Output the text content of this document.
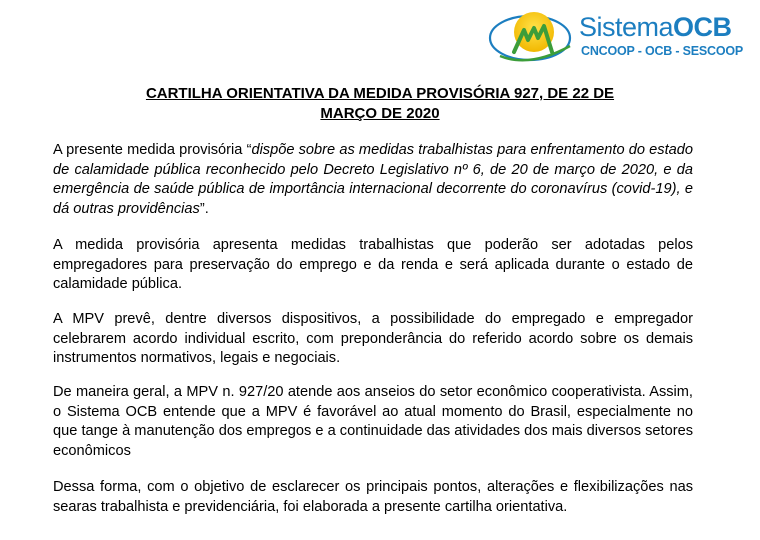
SistemaOCB
CNCOOP - OCB - SESCOOP
CARTILHA ORIENTATIVA DA MEDIDA PROVISÓRIA 927, DE 22 DE
MARÇO DE 2020
A presente medida provisória “dispõe sobre as medidas trabalhistas para enfrentamento do estado de calamidade pública reconhecido pelo Decreto Legislativo nº 6, de 20 de março de 2020, e da emergência de saúde pública de importância internacional decorrente do coronavírus (covid-19), e dá outras providências”.
A medida provisória apresenta medidas trabalhistas que poderão ser adotadas pelos empregadores para preservação do emprego e da renda e será aplicada durante o estado de calamidade pública.
A MPV prevê, dentre diversos dispositivos, a possibilidade do empregado e empregador celebrarem acordo individual escrito, com preponderância do referido acordo sobre os demais instrumentos normativos, legais e negociais.
De maneira geral, a MPV n. 927/20 atende aos anseios do setor econômico cooperativista. Assim, o Sistema OCB entende que a MPV é favorável ao atual momento do Brasil, especialmente no que tange à manutenção dos empregos e a continuidade das atividades dos mais diversos setores econômicos
Dessa forma, com o objetivo de esclarecer os principais pontos, alterações e flexibilizações nas searas trabalhista e previdenciária, foi elaborada a presente cartilha orientativa.
